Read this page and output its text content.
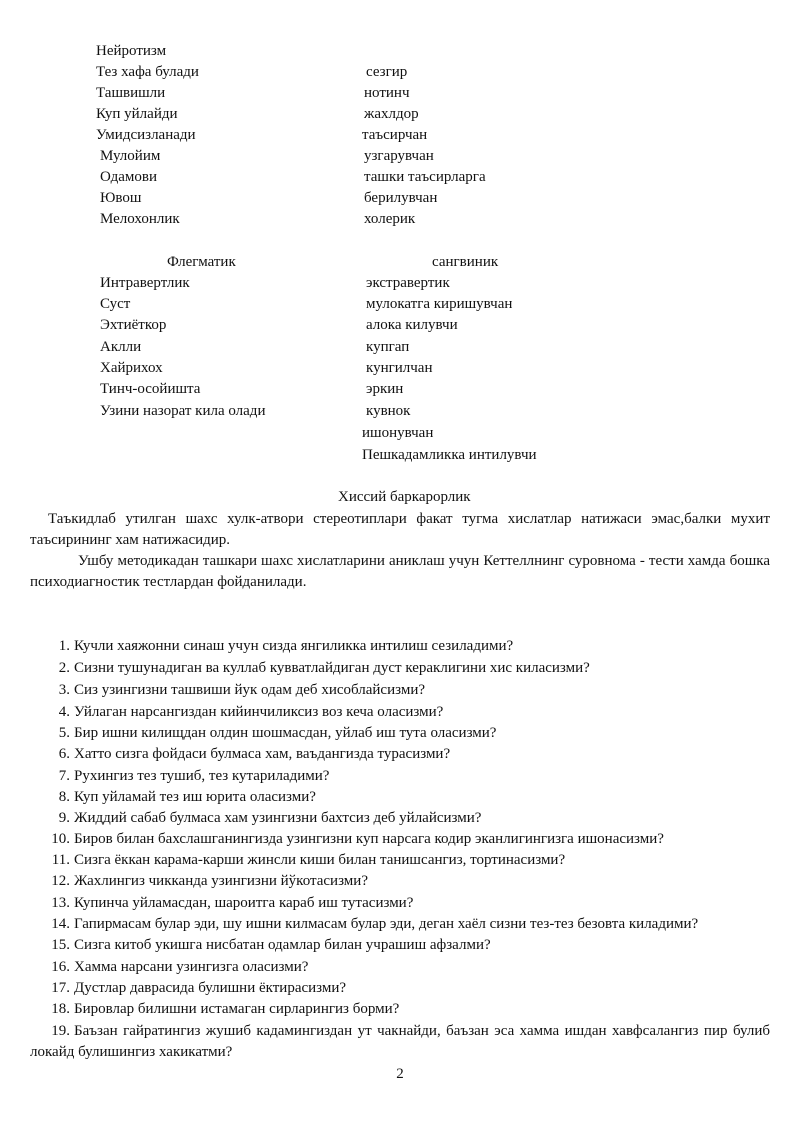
Нейротизм
Тез хафа булади
Ташвишли
Куп уйлайди
Умидсизланади
Мулойим
Одамови
Ювош
Мелохонлик
сезгир
нотинч
жахлдор
таъсирчан
узгарувчан
ташки таъсирларга
берилувчан
холерик
Флегматик	сангвиник
Интравертлик
Суст
Эхтиёткор
Аклли
Хайрихох
Тинч-осойишта
Узини назорат кила олади
экстравертик
мулокатга киришувчан
алока килувчи
купгап
кунгилчан
эркин
кувнок
ишонувчан
Пешкадамликка интилувчи
Хиссий баркарорлик
Таъкидлаб утилган шахс хулк-атвори стереотиплари факат тугма хислатлар натижаси эмас,балки мухит таъсирининг хам натижасидир.
Ушбу методикадан ташкари шахс хислатларини аниклаш учун Кеттеллнинг суровнома - тести хамда бошка психодиагностик тестлардан фойданилади.
1. Кучли хаяжонни синаш учун сизда янгиликка интилиш сезиладими?
2. Сизни тушунадиган ва куллаб кувватлайдиган дуст кераклигини хис киласизми?
3. Сиз узингизни ташвиши йук одам деб хисоблайсизми?
4. Уйлаган нарсангиздан кийинчиликсиз воз кеча оласизми?
5. Бир ишни килищдан олдин шошмасдан, уйлаб иш тута оласизми?
6. Хатто сизга фойдаси булмаса хам, ваъдангизда турасизми?
7. Рухингиз тез тушиб, тез кутариладими?
8. Куп уйламай тез иш юрита оласизми?
9. Жиддий сабаб булмаса хам узингизни бахтсиз деб уйлайсизми?
10. Биров билан бахслашганингизда узингизни куп нарсага кодир эканлигингизга ишонасизми?
11. Сизга ёккан карама-карши жинсли киши билан танишсангиз, тортинасизми?
12. Жахлингиз чикканда узингизни йўкотасизми?
13. Купинча уйламасдан, шароитга караб иш тутасизми?
14. Гапирмасам булар эди, шу ишни килмасам булар эди, деган хаёл сизни тез-тез безовта киладими?
15. Сизга китоб укишга нисбатан одамлар билан учрашиш афзалми?
16. Хамма нарсани узингизга оласизми?
17. Дустлар даврасида булишни ёктирасизми?
18. Бировлар билишни истамаган сирларингиз борми?
19. Баъзан гайратингиз жушиб кадамингиздан ут чакнайди, баъзан эса хамма ишдан хавфсалангиз пир булиб локайд булишингиз хакикатми?
2
